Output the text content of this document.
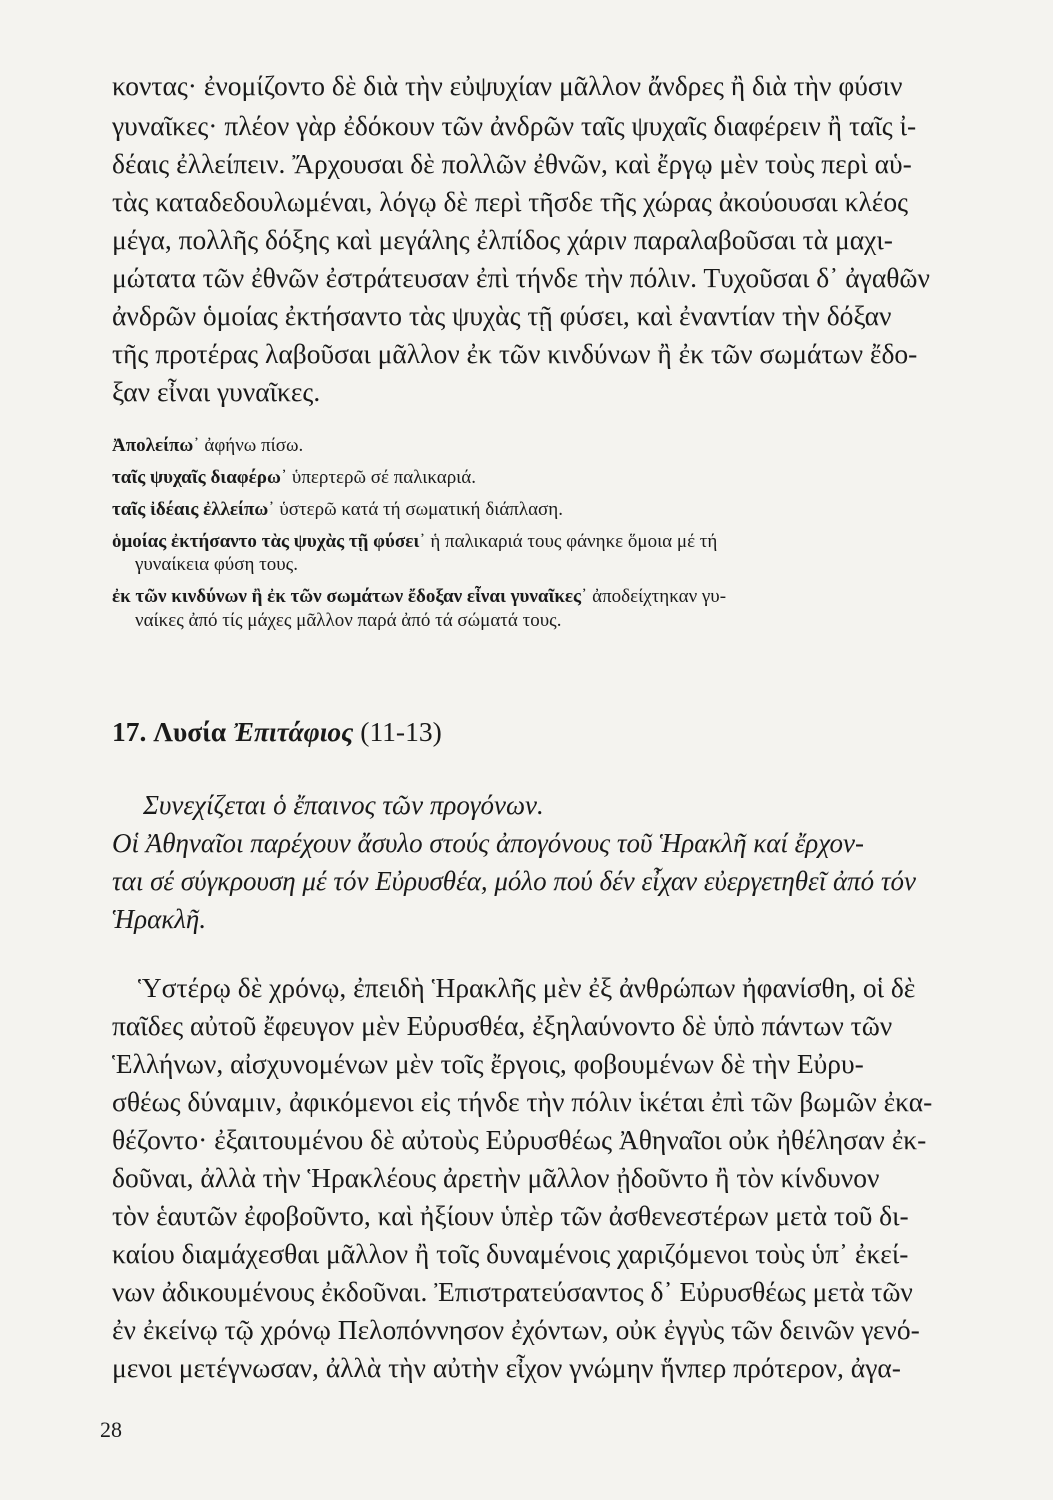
κοντας· ἐνομίζοντο δὲ διὰ τὴν εὐψυχίαν μᾶλλον ἄνδρες ἢ διὰ τὴν φύσιν
γυναῖκες· πλέον γὰρ ἐδόκουν τῶν ἀνδρῶν ταῖς ψυχαῖς διαφέρειν ἢ ταῖς ἰ-
δέαις ἐλλείπειν. Ἄρχουσαι δὲ πολλῶν ἐθνῶν, καὶ ἔργῳ μὲν τοὺς περὶ αὑ-
τὰς καταδεδουλωμέναι, λόγῳ δὲ περὶ τῆσδε τῆς χώρας ἀκούουσαι κλέος
μέγα, πολλῆς δόξης καὶ μεγάλης ἐλπίδος χάριν παραλαβοῦσαι τὰ μαχι-
μώτατα τῶν ἐθνῶν ἐστράτευσαν ἐπὶ τήνδε τὴν πόλιν. Τυχοῦσαι δ᾽ ἀγαθῶν
ἀνδρῶν ὁμοίας ἐκτήσαντο τὰς ψυχὰς τῇ φύσει, καὶ ἐναντίαν τὴν δόξαν
τῆς προτέρας λαβοῦσαι μᾶλλον ἐκ τῶν κινδύνων ἢ ἐκ τῶν σωμάτων ἔδο-
ξαν εἶναι γυναῖκες.
Ἀπολείπω᾽ ἀφήνω πίσω.
ταῖς ψυχαῖς διαφέρω᾽ ὑπερτερῶ σέ παλικαριά.
ταῖς ἰδέαις ἐλλείπω᾽ ὑστερῶ κατά τή σωματική διάπλαση.
ὁμοίας ἐκτήσαντο τὰς ψυχὰς τῇ φύσει᾽ ἡ παλικαριά τους φάνηκε ὅμοια μέ τή
γυναίκεια φύση τους.
ἐκ τῶν κινδύνων ἢ ἐκ τῶν σωμάτων ἔδοξαν εἶναι γυναῖκες᾽ ἀποδείχτηκαν γυ-
ναίκες ἀπό τίς μάχες μᾶλλον παρά ἀπό τά σώματά τους.
17. Λυσία Ἐπιτάφιος (11-13)
Συνεχίζεται ὁ ἔπαινος τῶν προγόνων.
Οἱ Ἀθηναῖοι παρέχουν ἄσυλο στούς ἀπογόνους τοῦ Ἡρακλῆ καί ἔρχον-
ται σέ σύγκρουση μέ τόν Εὐρυσθέα, μόλο πού δέν εἶχαν εὐεργετηθεῖ ἀπό τόν
Ἡρακλῆ.
Ὑστέρῳ δὲ χρόνῳ, ἐπειδὴ Ἡρακλῆς μὲν ἐξ ἀνθρώπων ἠφανίσθη, οἱ δὲ
παῖδες αὐτοῦ ἔφευγον μὲν Εὐρυσθέα, ἐξηλαύνοντο δὲ ὑπὸ πάντων τῶν
Ἑλλήνων, αἰσχυνομένων μὲν τοῖς ἔργοις, φοβουμένων δὲ τὴν Εὐρυ-
σθέως δύναμιν, ἀφικόμενοι εἰς τήνδε τὴν πόλιν ἱκέται ἐπὶ τῶν βωμῶν ἐκα-
θέζοντο· ἐξαιτουμένου δὲ αὐτοὺς Εὐρυσθέως Ἀθηναῖοι οὐκ ἠθέλησαν ἐκ-
δοῦναι, ἀλλὰ τὴν Ἡρακλέους ἀρετὴν μᾶλλον ᾐδοῦντο ἢ τὸν κίνδυνον
τὸν ἑαυτῶν ἐφοβοῦντο, καὶ ἠξίουν ὑπὲρ τῶν ἀσθενεστέρων μετὰ τοῦ δι-
καίου διαμάχεσθαι μᾶλλον ἢ τοῖς δυναμένοις χαριζόμενοι τοὺς ὑπ᾽ ἐκεί-
νων ἀδικουμένους ἐκδοῦναι. Ἐπιστρατεύσαντος δ᾽ Εὐρυσθέως μετὰ τῶν
ἐν ἐκείνῳ τῷ χρόνῳ Πελοπόννησον ἐχόντων, οὐκ ἐγγὺς τῶν δεινῶν γενό-
μενοι μετέγνωσαν, ἀλλὰ τὴν αὐτὴν εἶχον γνώμην ἥνπερ πρότερον, ἀγα-
28
